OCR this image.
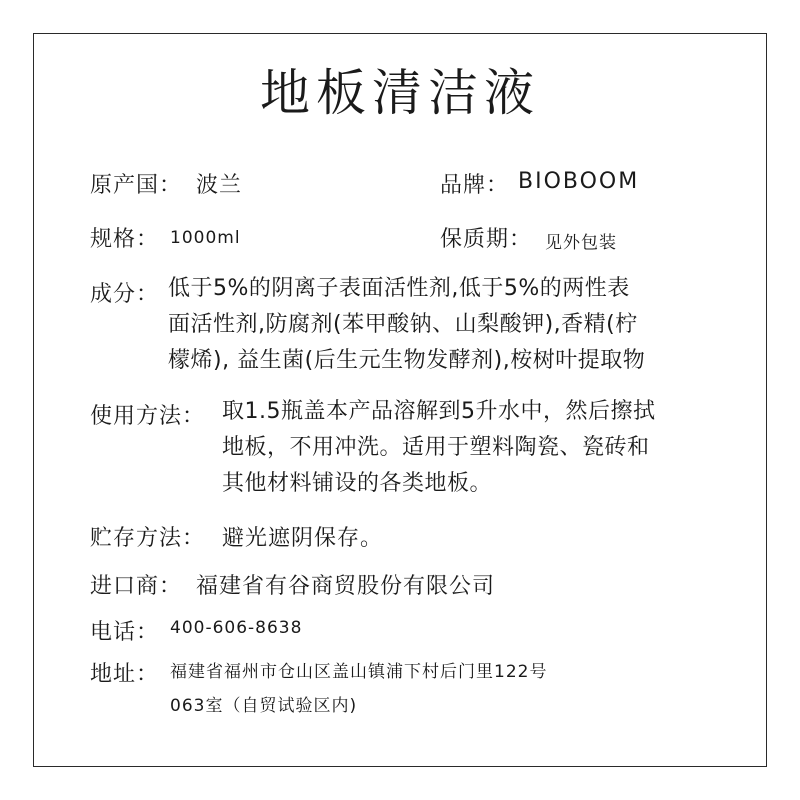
地板清洁液
原产国： 波兰	品牌： BIOBOOM
规格： 1000ml	保质期： 见外包装
成分： 低于5%的阴离子表面活性剂,低于5%的两性表
面活性剂,防腐剂(苯甲酸钠、山梨酸钾),香精(柠
檬烯), 益生菌(后生元生物发酵剂),桉树叶提取物
使用方法： 取1.5瓶盖本产品溶解到5升水中，然后擦拭
地板，不用冲洗。适用于塑料陶瓷、瓷砖和
其他材料铺设的各类地板。
贮存方法： 避光遮阴保存。
进口商： 福建省有谷商贸股份有限公司
电话： 400-606-8638
地址： 福建省福州市仓山区盖山镇浦下村后门里122号
063室（自贸试验区内)
